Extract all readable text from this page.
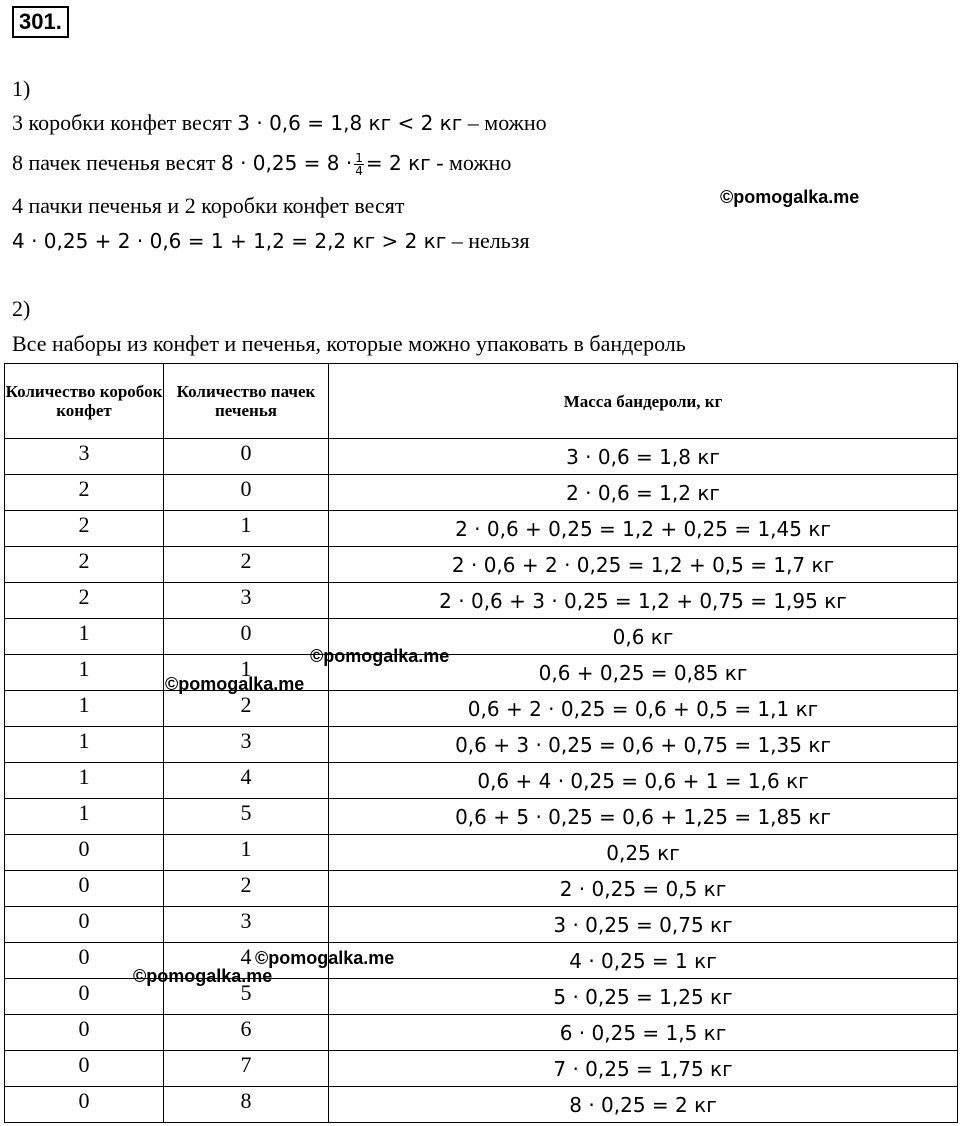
301.
1)
3 коробки конфет весят 3 · 0,6 = 1,8 кг < 2 кг – можно
8 пачек печенья весят $8 \cdot 0,25 = 8 \cdot \frac{1}{4} = 2$ кг - можно
4 пачки печенья и 2 коробки конфет весят
4 · 0,25 + 2 · 0,6 = 1 + 1,2 = 2,2 кг > 2 кг – нельзя
2)
Все наборы из конфет и печенья, которые можно упаковать в бандероль
Количество коробок конфет	Количество пачек печенья	Масса бандероли, кг
3	0	3 · 0,6 = 1,8 кг
2	0	2 · 0,6 = 1,2 кг
2	1	2 · 0,6 + 0,25 = 1,2 + 0,25 = 1,45 кг
2	2	2 · 0,6 + 2 · 0,25 = 1,2 + 0,5 = 1,7 кг
2	3	2 · 0,6 + 3 · 0,25 = 1,2 + 0,75 = 1,95 кг
1	0	0,6 кг
1	1	0,6 + 0,25 = 0,85 кг
1	2	0,6 + 2 · 0,25 = 0,6 + 0,5 = 1,1 кг
1	3	0,6 + 3 · 0,25 = 0,6 + 0,75 = 1,35 кг
1	4	0,6 + 4 · 0,25 = 0,6 + 1 = 1,6 кг
1	5	0,6 + 5 · 0,25 = 0,6 + 1,25 = 1,85 кг
0	1	0,25 кг
0	2	2 · 0,25 = 0,5 кг
0	3	3 · 0,25 = 0,75 кг
0	4	4 · 0,25 = 1 кг
0	5	5 · 0,25 = 1,25 кг
0	6	6 · 0,25 = 1,5 кг
0	7	7 · 0,25 = 1,75 кг
0	8	8 · 0,25 = 2 кг
©pomogalka.me
©pomogalka.me
©pomogalka.me
©pomogalka.me
©pomogalka.me
